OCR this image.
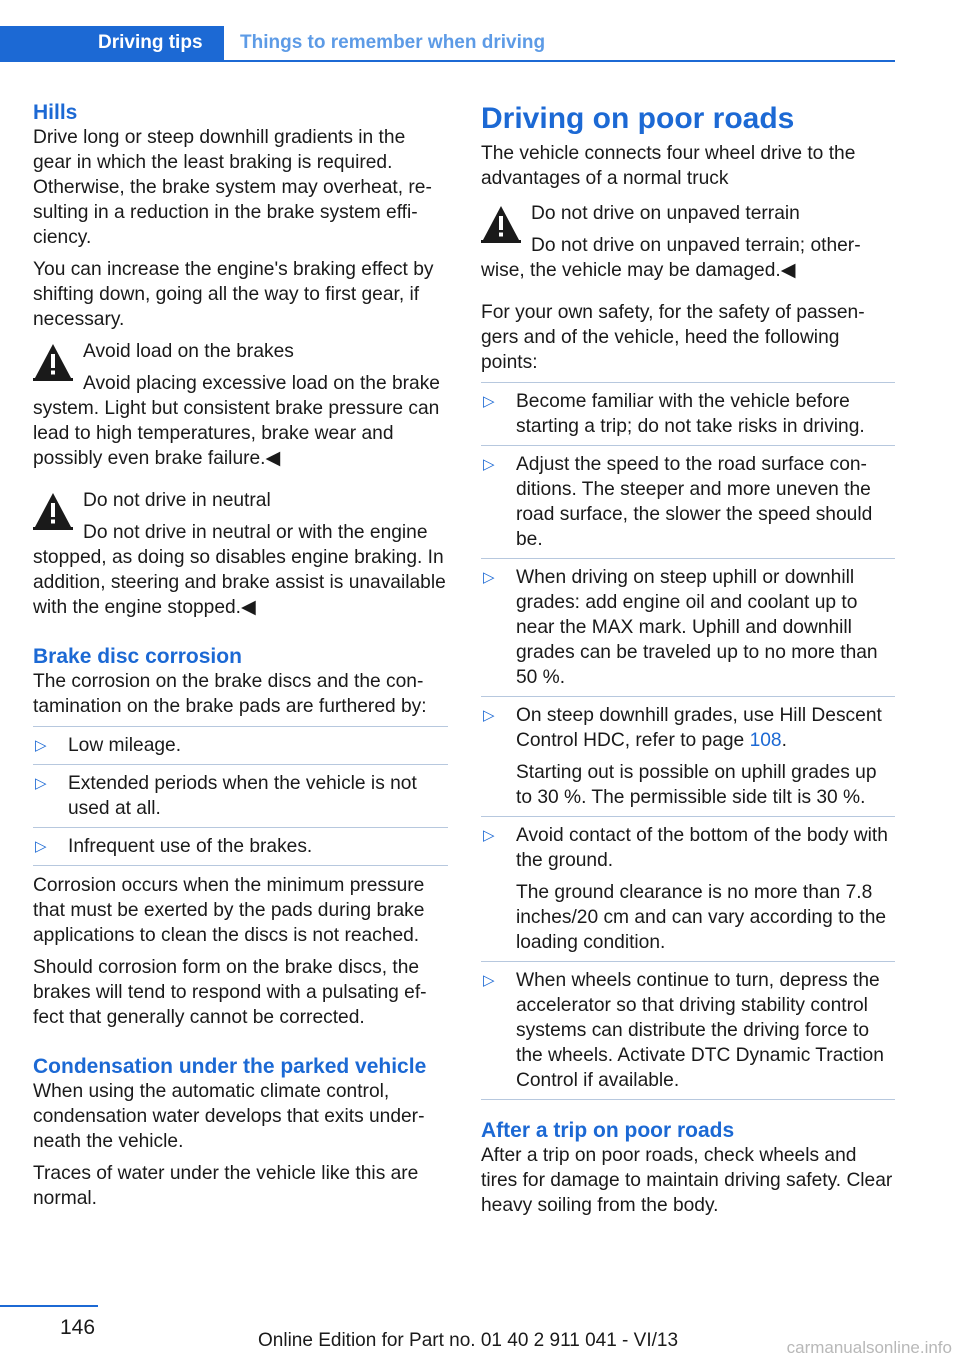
Driving tips	Things to remember when driving
Hills

Drive long or steep downhill gradients in the gear in which the least braking is required. Otherwise, the brake system may overheat, resulting in a reduction in the brake system efficiency.

You can increase the engine's braking effect by shifting down, going all the way to first gear, if necessary.

Avoid load on the brakes
Avoid placing excessive load on the brake system. Light but consistent brake pressure can lead to high temperatures, brake wear and possibly even brake failure.◀
Do not drive in neutral
Do not drive in neutral or with the engine stopped, as doing so disables engine braking. In addition, steering and brake assist is unavailable with the engine stopped.◀
Brake disc corrosion

The corrosion on the brake discs and the contamination on the brake pads are furthered by:

▷	Low mileage.

▷	Extended periods when the vehicle is not used at all.

▷	Infrequent use of the brakes.

Corrosion occurs when the minimum pressure that must be exerted by the pads during brake applications to clean the discs is not reached.

Should corrosion form on the brake discs, the brakes will tend to respond with a pulsating effect that generally cannot be corrected.

Condensation under the parked vehicle

When using the automatic climate control, condensation water develops that exits underneath the vehicle.

Traces of water under the vehicle like this are normal.

Driving on poor roads

The vehicle connects four wheel drive to the advantages of a normal truck

Do not drive on unpaved terrain
Do not drive on unpaved terrain; otherwise, the vehicle may be damaged.◀

For your own safety, for the safety of passengers and of the vehicle, heed the following points:

▷	Become familiar with the vehicle before starting a trip; do not take risks in driving.

▷	Adjust the speed to the road surface conditions. The steeper and more uneven the road surface, the slower the speed should be.

▷	When driving on steep uphill or downhill grades: add engine oil and coolant up to near the MAX mark. Uphill and downhill grades can be traveled up to no more than 50 %.

▷	On steep downhill grades, use Hill Descent Control HDC, refer to page 108.

Starting out is possible on uphill grades up to 30 %. The permissible side tilt is 30 %.

▷	Avoid contact of the bottom of the body with the ground.

The ground clearance is no more than 7.8 inches/20 cm and can vary according to the loading condition.

▷	When wheels continue to turn, depress the accelerator so that driving stability control systems can distribute the driving force to the wheels. Activate DTC Dynamic Traction Control if available.

After a trip on poor roads

After a trip on poor roads, check wheels and tires for damage to maintain driving safety. Clear heavy soiling from the body.

146
Online Edition for Part no. 01 40 2 911 041 - VI/13	carmanualsonline.info
